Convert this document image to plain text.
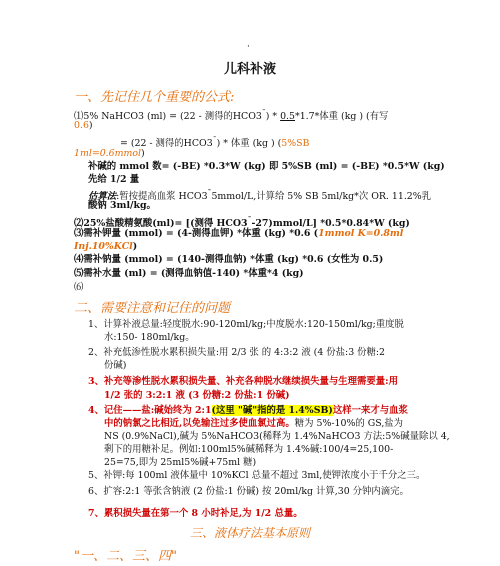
·
儿科补液
一、先记住几个重要的公式:
⑴5% NaHCO3 (ml) = (22 - 测得的HCO3¯) * 0.5*1.7*体重 (kg ) (有写
0.6)
= (22 - 测得的HCO3¯) * 体重 (kg ) (5%SB
1ml=0.6mmol)
补碱的 mmol 数= (-BE) *0.3*W (kg) 即 5%SB (ml) = (-BE) *0.5*W (kg)
先给 1/2 量
估算法:暂按提高血浆 HCO3¯5mmol/L,计算给 5% SB 5ml/kg*次 OR. 11.2%乳
酸钠 3ml/kg。
⑵25%盐酸精氨酸(ml)= [(测得 HCO3¯-27)mmol/L] *0.5*0.84*W (kg)
⑶需补钾量 (mmol) = (4-测得血钾) *体重 (kg) *0.6 (1mmol K=0.8ml
Inj.10%KCl)
⑷需补钠量 (mmol) = (140-测得血钠) *体重 (kg) *0.6 (女性为 0.5)
⑸需补水量 (ml) = (测得血钠值-140) *体重*4 (kg)
⑹
二、需要注意和记住的问题
1、计算补液总量:轻度脱水:90-120ml/kg;中度脱水:120-150ml/kg;重度脱
水:150- 180ml/kg。
2、补充低渗性脱水累积损失量:用 2/3 张 的 4:3:2 液 (4 份盐:3 份糖:2
份碱)
3、补充等渗性脱水累积损失量、补充各种脱水继续损失量与生理需要量:用
1/2 张的 3:2:1 液 (3 份糖:2 份盐:1 份碱)
4、记住——盐:碱始终为 2:1(这里 "碱"指的是 1.4%SB)这样一来才与血浆
中的钠氯之比相近,以免输注过多使血氯过高。糖为 5%-10%的 GS,盐为
NS (0.9%NaCl),碱为 5%NaHCO3(稀释为 1.4%NaHCO3 方法:5%碱量除以 4,
剩下的用糖补足。例如:100ml5%碱稀释为 1.4%碱:100/4=25,100-
25=75,即为 25ml5%碱+75ml 糖)
5、补钾:每 100ml 液体量中 10%KCl 总量不超过 3ml,使钾浓度小于千分之三。
6、扩容:2:1 等张含钠液 (2 份盐:1 份碱) 按 20ml/kg 计算,30 分钟内滴完。
7、累积损失量在第一个 8 小时补足,为 1/2 总量。
三、液体疗法基本原则
"一、二、三、四"
